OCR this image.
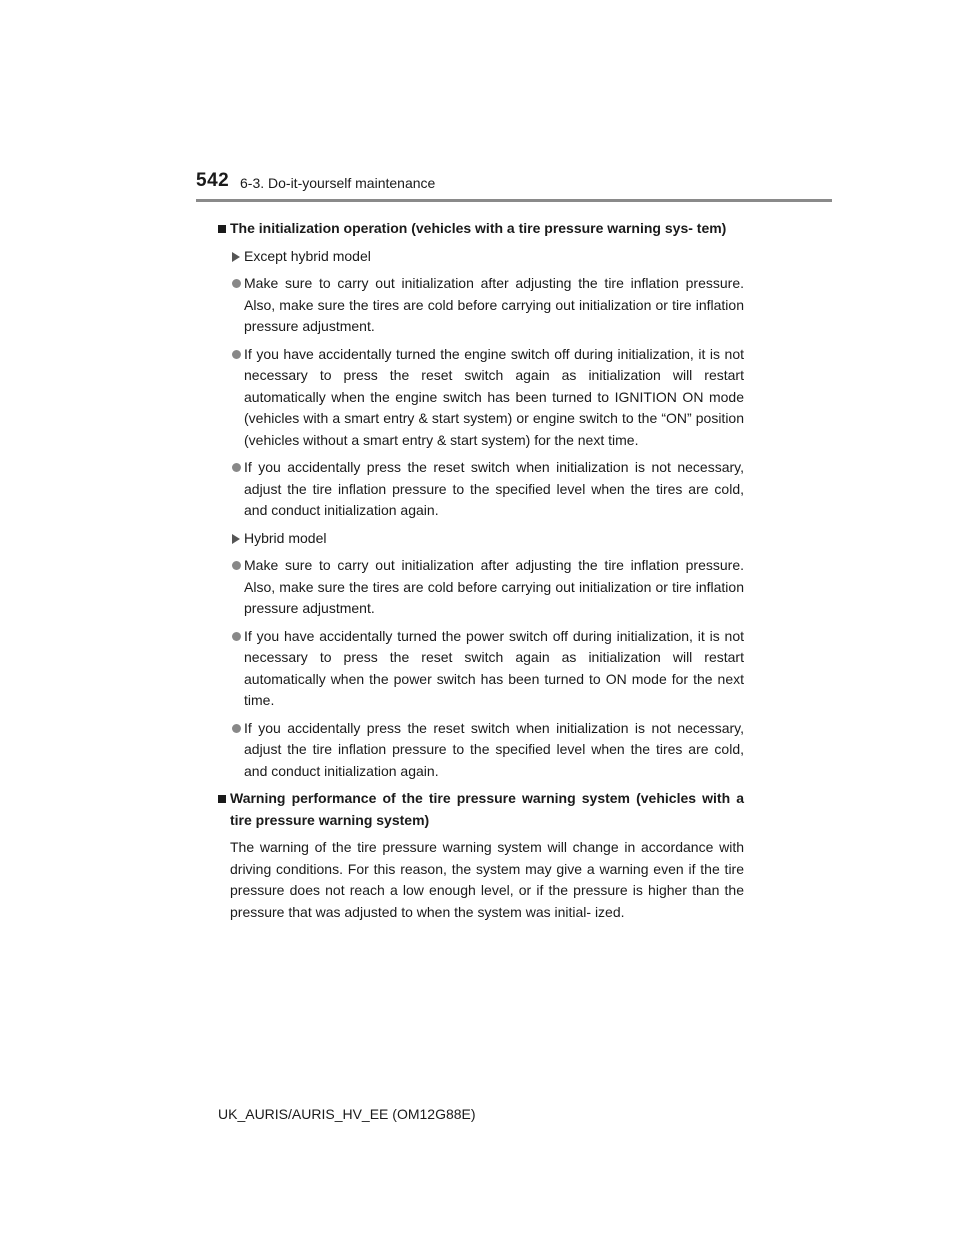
542 6-3. Do-it-yourself maintenance
The initialization operation (vehicles with a tire pressure warning sys- tem)
Except hybrid model
Make sure to carry out initialization after adjusting the tire inflation pressure. Also, make sure the tires are cold before carrying out initialization or tire inflation pressure adjustment.
If you have accidentally turned the engine switch off during initialization, it is not necessary to press the reset switch again as initialization will restart automatically when the engine switch has been turned to IGNITION ON mode (vehicles with a smart entry & start system) or engine switch to the “ON” position (vehicles without a smart entry & start system) for the next time.
If you accidentally press the reset switch when initialization is not necessary, adjust the tire inflation pressure to the specified level when the tires are cold, and conduct initialization again.
Hybrid model
Make sure to carry out initialization after adjusting the tire inflation pressure. Also, make sure the tires are cold before carrying out initialization or tire inflation pressure adjustment.
If you have accidentally turned the power switch off during initialization, it is not necessary to press the reset switch again as initialization will restart automatically when the power switch has been turned to ON mode for the next time.
If you accidentally press the reset switch when initialization is not necessary, adjust the tire inflation pressure to the specified level when the tires are cold, and conduct initialization again.
Warning performance of the tire pressure warning system (vehicles with a tire pressure warning system)
The warning of the tire pressure warning system will change in accordance with driving conditions. For this reason, the system may give a warning even if the tire pressure does not reach a low enough level, or if the pressure is higher than the pressure that was adjusted to when the system was initial- ized.
UK_AURIS/AURIS_HV_EE (OM12G88E)
